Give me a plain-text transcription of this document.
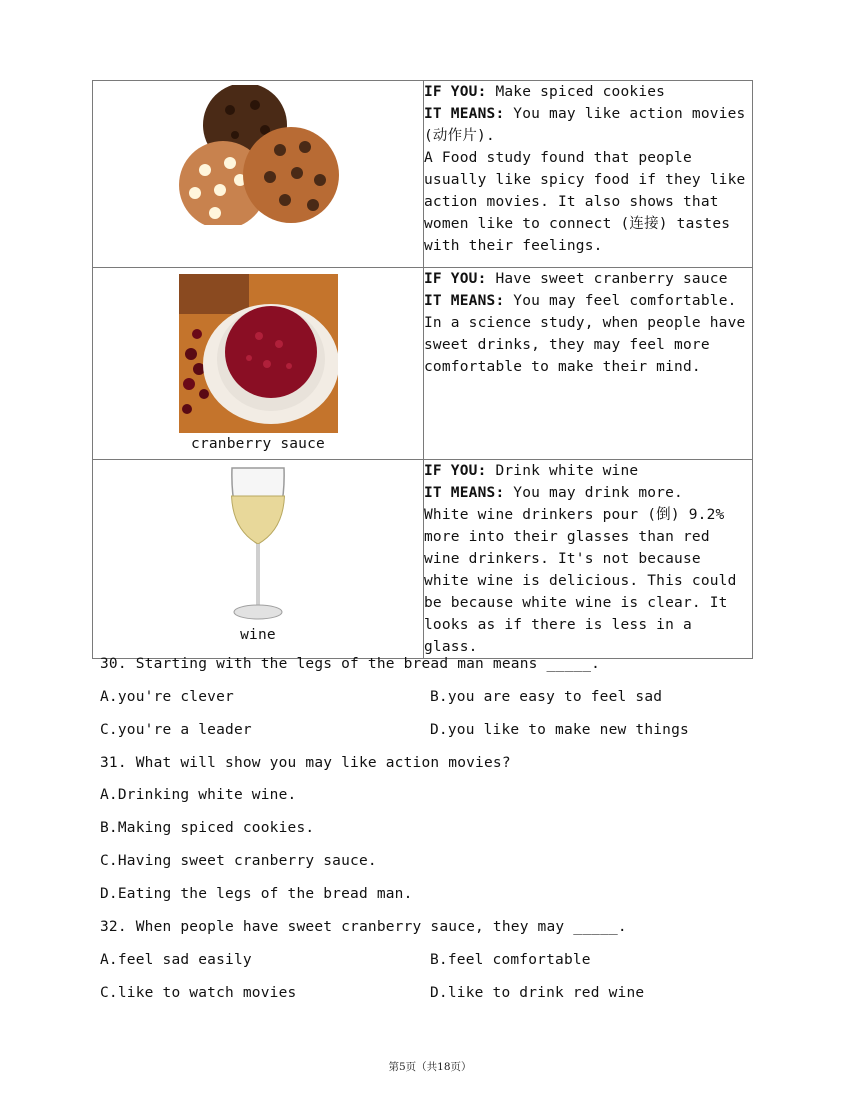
IF YOU: Make spiced cookies
IT MEANS: You may like action movies (动作片).
A Food study found that people usually like spicy food if they like action movies. It also shows that women like to connect (连接) tastes with their feelings.

cranberry sauce	IF YOU: Have sweet cranberry sauce
IT MEANS: You may feel comfortable.
In a science study, when people have sweet drinks, they may feel more comfortable to make their mind.

wine	IF YOU: Drink white wine
IT MEANS: You may drink more.
White wine drinkers pour (倒) 9.2% more into their glasses than red wine drinkers. It's not because white wine is delicious. This could be because white wine is clear. It looks as if there is less in a glass.
30. Starting with the legs of the bread man means _____.
A.you're clever	B.you are easy to feel sad
C.you're a leader	D.you like to make new things
31. What will show you may like action movies?
A.Drinking white wine.
B.Making spiced cookies.
C.Having sweet cranberry sauce.
D.Eating the legs of the bread man.
32. When people have sweet cranberry sauce, they may _____.
A.feel sad easily	B.feel comfortable
C.like to watch movies	D.like to drink red wine
第5页（共18页）
